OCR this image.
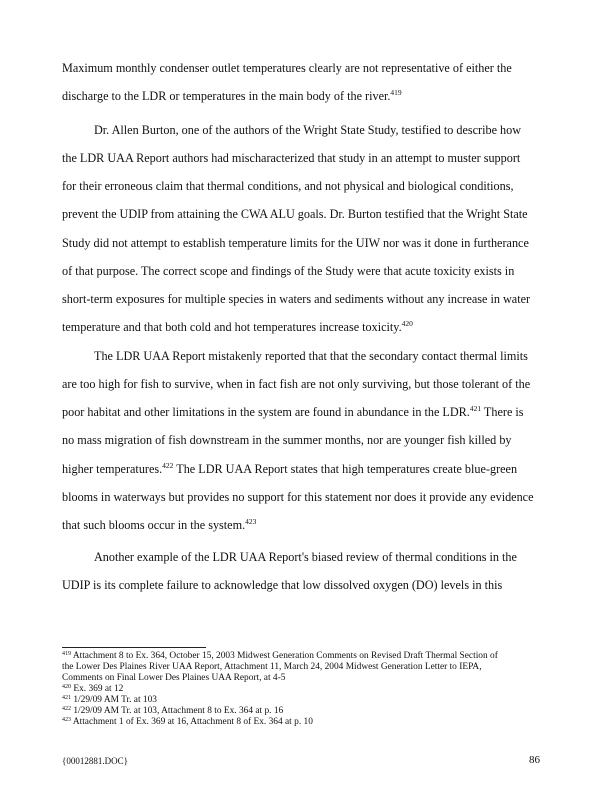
Maximum monthly condenser outlet temperatures clearly are not representative of either the
discharge to the LDR or temperatures in the main body of the river.$^{419}$
Dr. Allen Burton, one of the authors of the Wright State Study, testified to describe how
the LDR UAA Report authors had mischaracterized that study in an attempt to muster support
for their erroneous claim that thermal conditions, and not physical and biological conditions,
prevent the UDIP from attaining the CWA ALU goals. Dr. Burton testified that the Wright State
Study did not attempt to establish temperature limits for the UIW nor was it done in furtherance
of that purpose. The correct scope and findings of the Study were that acute toxicity exists in
short-term exposures for multiple species in waters and sediments without any increase in water
temperature and that both cold and hot temperatures increase toxicity.$^{420}$
The LDR UAA Report mistakenly reported that that the secondary contact thermal limits
are too high for fish to survive, when in fact fish are not only surviving, but those tolerant of the
poor habitat and other limitations in the system are found in abundance in the LDR.$^{421}$ There is
no mass migration of fish downstream in the summer months, nor are younger fish killed by
higher temperatures.$^{422}$ The LDR UAA Report states that high temperatures create blue-green
blooms in waterways but provides no support for this statement nor does it provide any evidence
that such blooms occur in the system.$^{423}$
Another example of the LDR UAA Report's biased review of thermal conditions in the
UDIP is its complete failure to acknowledge that low dissolved oxygen (DO) levels in this
$^{419}$ Attachment 8 to Ex. 364, October 15, 2003 Midwest Generation Comments on Revised Draft Thermal Section of
the Lower Des Plaines River UAA Report, Attachment 11, March 24, 2004 Midwest Generation Letter to IEPA,
Comments on Final Lower Des Plaines UAA Report, at 4-5
$^{420}$ Ex. 369 at 12
$^{421}$ 1/29/09 AM Tr. at 103
$^{422}$ 1/29/09 AM Tr. at 103, Attachment 8 to Ex. 364 at p. 16
$^{423}$ Attachment 1 of Ex. 369 at 16, Attachment 8 of Ex. 364 at p. 10
{00012881.DOC}	86
